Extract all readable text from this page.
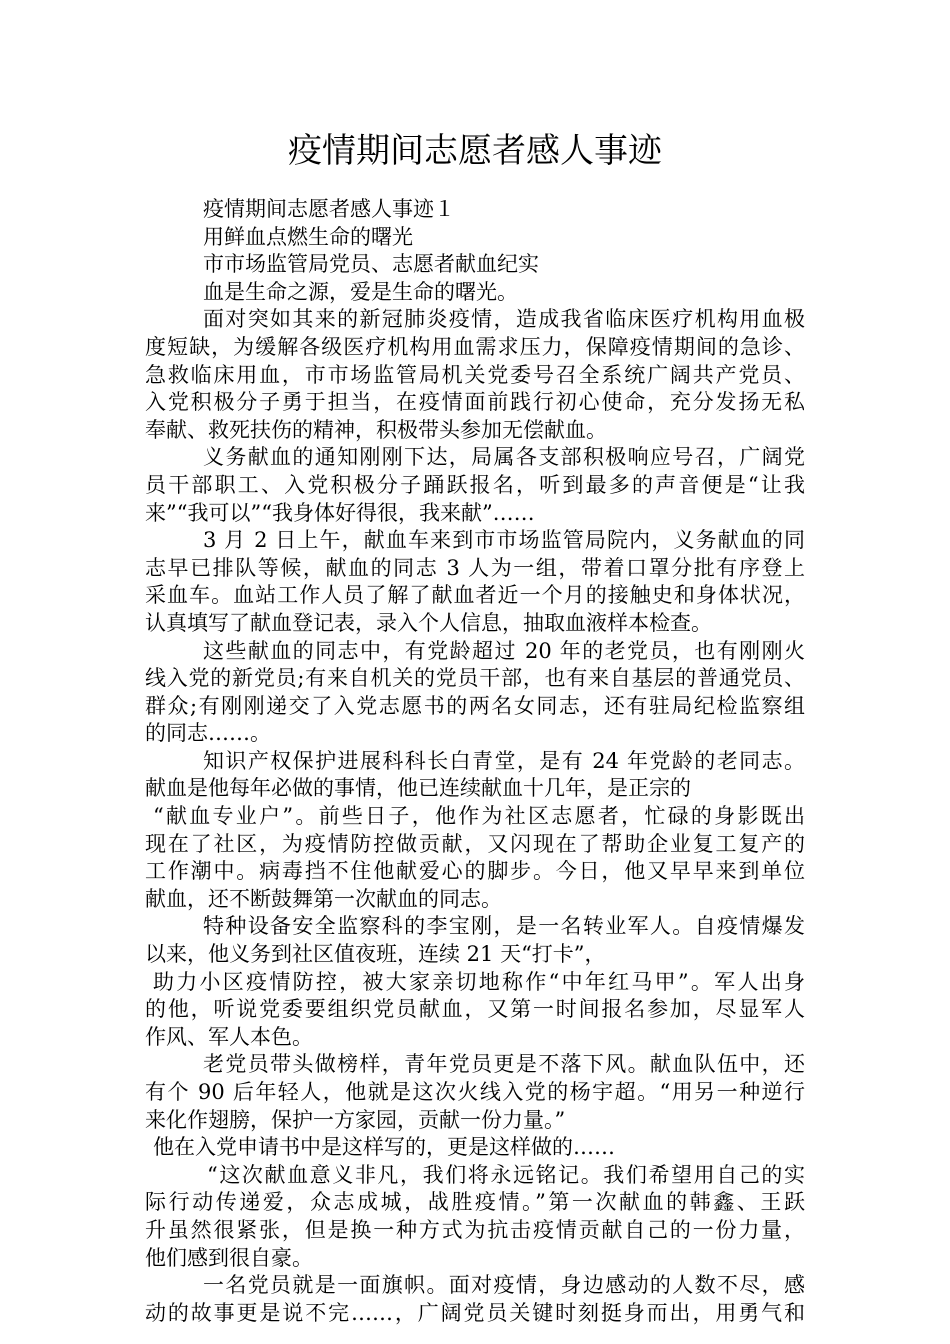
疫情期间志愿者感人事迹
疫情期间志愿者感人事迹１
用鲜血点燃生命的曙光
市市场监管局党员、志愿者献血纪实
血是生命之源，爱是生命的曙光。
面对突如其来的新冠肺炎疫情，造成我省临床医疗机构用血极
度短缺，为缓解各级医疗机构用血需求压力，保障疫情期间的急诊、
急救临床用血，市市场监管局机关党委号召全系统广阔共产党员、
入党积极分子勇于担当，在疫情面前践行初心使命，充分发扬无私
奉献、救死扶伤的精神，积极带头参加无偿献血。
义务献血的通知刚刚下达，局属各支部积极响应号召，广阔党
员干部职工、入党积极分子踊跃报名，听到最多的声音便是“让我
来”“我可以”“我身体好得很，我来献”……
3 月 2 日上午，献血车来到市市场监管局院内，义务献血的同
志早已排队等候，献血的同志 3 人为一组，带着口罩分批有序登上
采血车。血站工作人员了解了献血者近一个月的接触史和身体状况，
认真填写了献血登记表，录入个人信息，抽取血液样本检查。
这些献血的同志中，有党龄超过 20 年的老党员，也有刚刚火
线入党的新党员;有来自机关的党员干部，也有来自基层的普通党员、
群众;有刚刚递交了入党志愿书的两名女同志，还有驻局纪检监察组
的同志……。
知识产权保护进展科科长白青堂，是有 24 年党龄的老同志。
献血是他每年必做的事情，他已连续献血十几年，是正宗的
“献血专业户”。前些日子，他作为社区志愿者，忙碌的身影既出
现在了社区，为疫情防控做贡献，又闪现在了帮助企业复工复产的
工作潮中。病毒挡不住他献爱心的脚步。今日，他又早早来到单位
献血，还不断鼓舞第一次献血的同志。
特种设备安全监察科的李宝刚，是一名转业军人。自疫情爆发
以来，他义务到社区值夜班，连续 21 天“打卡”，
助力小区疫情防控，被大家亲切地称作“中年红马甲”。军人出身
的他，听说党委要组织党员献血，又第一时间报名参加，尽显军人
作风、军人本色。
老党员带头做榜样，青年党员更是不落下风。献血队伍中，还
有个 90 后年轻人，他就是这次火线入党的杨宇超。“用另一种逆行
来化作翅膀，保护一方家园，贡献一份力量。”
他在入党申请书中是这样写的，更是这样做的……
“这次献血意义非凡，我们将永远铭记。我们希望用自己的实
际行动传递爱，众志成城，战胜疫情。”第一次献血的韩鑫、王跃
升虽然很紧张，但是换一种方式为抗击疫情贡献自己的一份力量，
他们感到很自豪。
一名党员就是一面旗帜。面对疫情，身边感动的人数不尽，感
动的故事更是说不完……，广阔党员关键时刻挺身而出，用勇气和
